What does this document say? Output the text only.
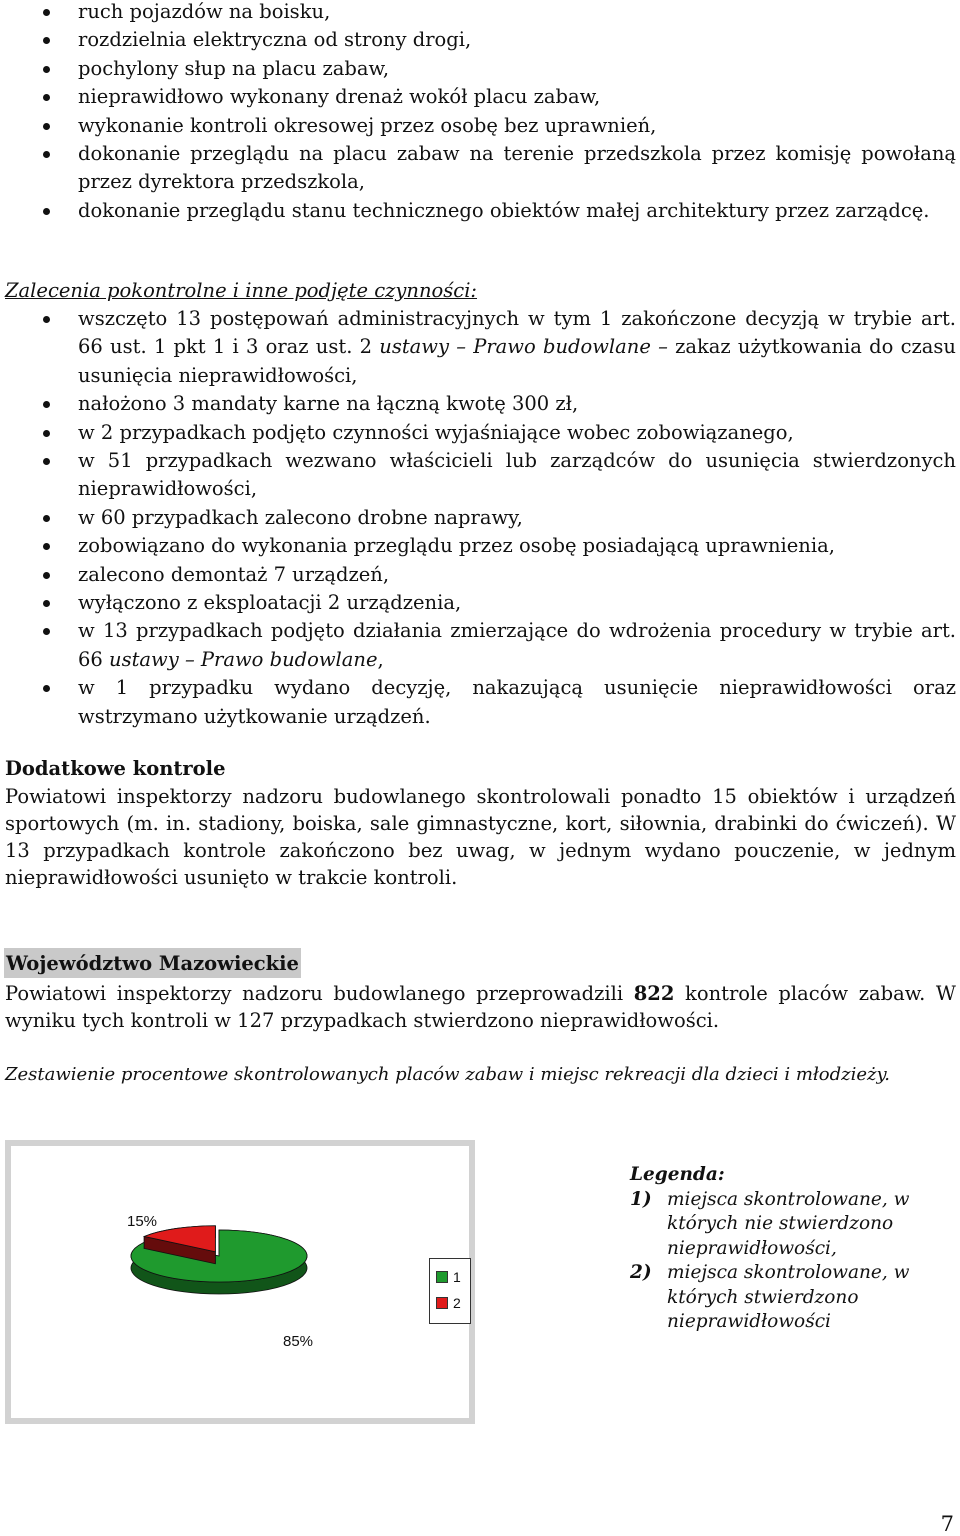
ruch pojazdów na boisku,
rozdzielnia elektryczna od strony drogi,
pochylony słup na placu zabaw,
nieprawidłowo wykonany drenaż wokół placu zabaw,
wykonanie kontroli okresowej przez osobę bez uprawnień,
dokonanie przeglądu na placu zabaw na terenie przedszkola przez komisję powołaną przez dyrektora przedszkola,
dokonanie przeglądu stanu technicznego obiektów małej architektury przez zarządcę.
Zalecenia pokontrolne i inne podjęte czynności:
wszczęto 13 postępowań administracyjnych w tym 1 zakończone decyzją w trybie art. 66 ust. 1 pkt 1 i 3 oraz ust. 2 ustawy – Prawo budowlane – zakaz użytkowania do czasu usunięcia nieprawidłowości,
nałożono 3 mandaty karne na łączną kwotę 300 zł,
w 2 przypadkach podjęto czynności wyjaśniające wobec zobowiązanego,
w 51 przypadkach wezwano właścicieli lub zarządców do usunięcia stwierdzonych nieprawidłowości,
w 60 przypadkach zalecono drobne naprawy,
zobowiązano do wykonania przeglądu przez osobę posiadającą uprawnienia,
zalecono demontaż 7 urządzeń,
wyłączono z eksploatacji 2 urządzenia,
w 13 przypadkach podjęto działania zmierzające do wdrożenia procedury w trybie art. 66 ustawy – Prawo budowlane,
w 1 przypadku wydano decyzję, nakazującą usunięcie nieprawidłowości oraz wstrzymano użytkowanie urządzeń.
Dodatkowe kontrole
Powiatowi inspektorzy nadzoru budowlanego skontrolowali ponadto 15 obiektów i urządzeń sportowych (m. in. stadiony, boiska, sale gimnastyczne, kort, siłownia, drabinki do ćwiczeń). W 13 przypadkach kontrole zakończono bez uwag, w jednym wydano pouczenie, w jednym nieprawidłowości usunięto w trakcie kontroli.
Województwo Mazowieckie
Powiatowi inspektorzy nadzoru budowlanego przeprowadzili 822 kontrole placów zabaw. W wyniku tych kontroli w 127 przypadkach stwierdzono nieprawidłowości.
Zestawienie procentowe skontrolowanych placów zabaw i miejsc rekreacji dla dzieci i młodzieży.
85%
15%
1
2
Legenda:
1) miejsca skontrolowane, w których nie stwierdzono nieprawidłowości,
2) miejsca skontrolowane, w których stwierdzono nieprawidłowości
7
